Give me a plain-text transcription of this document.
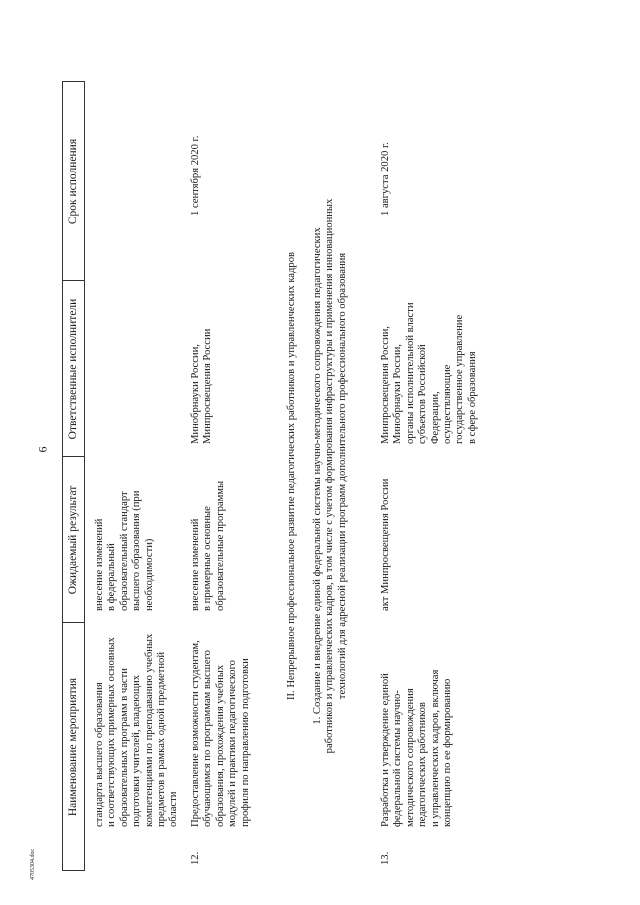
6
4705304.doc
Наименование мероприятия
Ожидаемый результат
Ответственные исполнители
Срок исполнения
стандарта высшего образования
и соответствующих примерных основных
образовательных программ в части
подготовки учителей, владеющих
компетенциями по преподаванию учебных
предметов в рамках одной предметной
области
внесение изменений
в федеральный
образовательный стандарт
высшего образования (при
необходимости)
12.
Предоставление возможности студентам,
обучающимся по программам высшего
образования, прохождения учебных
модулей и практики педагогического
профиля по направлению подготовки
внесение изменений
в примерные основные
образовательные программы
Минобрнауки России,
Минпросвещения России
1 сентября 2020 г.
II. Непрерывное профессиональное развитие педагогических работников и управленческих кадров
1. Создание и внедрение единой федеральной системы научно-методического сопровождения педагогических
работников и управленческих кадров, в том числе с учетом формирования инфраструктуры и применения инновационных
технологий для адресной реализации программ дополнительного профессионального образования
13.
Разработка и утверждение единой
федеральной системы научно-
методического сопровождения
педагогических работников
и управленческих кадров, включая
концепцию по ее формированию
акт Минпросвещения России
Минпросвещения России,
Минобрнауки России,
органы исполнительной власти
субъектов Российской
Федерации,
осуществляющие
государственное управление
в сфере образования
1 августа 2020 г.
